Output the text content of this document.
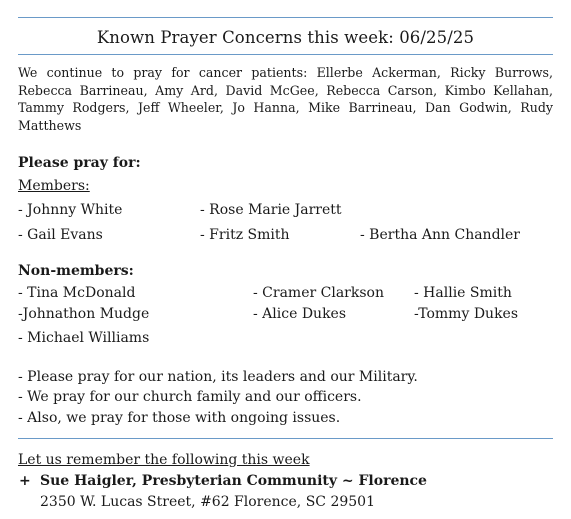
Known Prayer Concerns this week: 06/25/25
We continue to pray for cancer patients: Ellerbe Ackerman, Ricky Burrows, Rebecca Barrineau, Amy Ard, David McGee, Rebecca Carson, Kimbo Kellahan, Tammy Rodgers, Jeff Wheeler, Jo Hanna, Mike Barrineau, Dan Godwin, Rudy Matthews
Please pray for:
Members:
- Johnny White	- Rose Marie Jarrett
- Gail Evans	- Fritz Smith	- Bertha Ann Chandler
Non-members:
- Tina McDonald	- Cramer Clarkson - Hallie Smith
-Johnathon Mudge	- Alice Dukes	-Tommy Dukes
- Michael Williams
- Please pray for our nation, its leaders and our Military.
- We pray for our church family and our officers.
- Also, we pray for those with ongoing issues.
Let us remember the following this week
+ Sue Haigler, Presbyterian Community ~ Florence
2350 W. Lucas Street, #62 Florence, SC 29501
